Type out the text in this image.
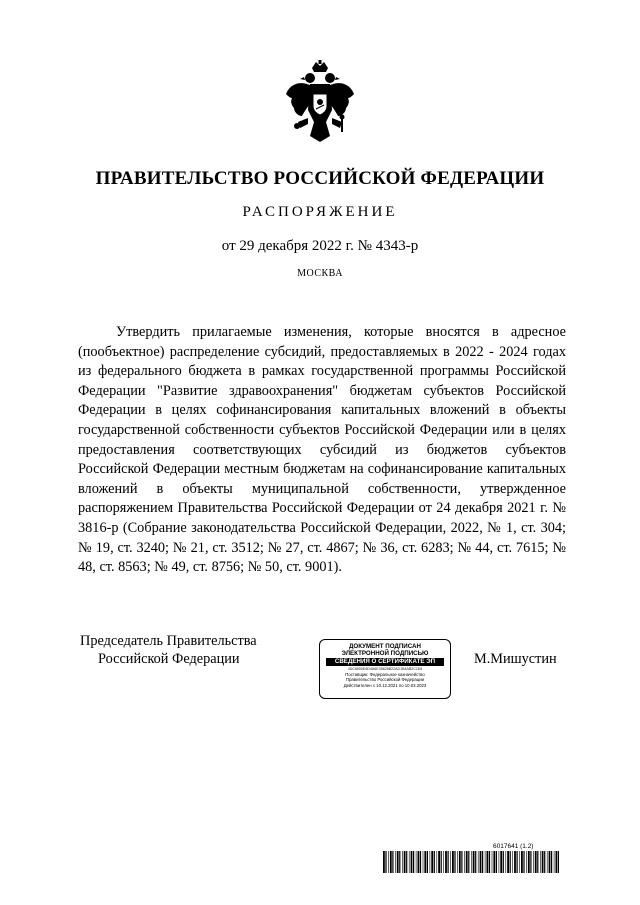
ПРАВИТЕЛЬСТВО РОССИЙСКОЙ ФЕДЕРАЦИИ
РАСПОРЯЖЕНИЕ
от 29 декабря 2022 г. № 4343-р
МОСКВА

Утвердить прилагаемые изменения, которые вносятся в адресное (пообъектное) распределение субсидий, предоставляемых в 2022 - 2024 годах из федерального бюджета в рамках государственной программы Российской Федерации "Развитие здравоохранения" бюджетам субъектов Российской Федерации в целях софинансирования капитальных вложений в объекты государственной собственности субъектов Российской Федерации или в целях предоставления соответствующих субсидий из бюджетов субъектов Российской Федерации местным бюджетам на софинансирование капитальных вложений в объекты муниципальной собственности, утвержденное распоряжением Правительства Российской Федерации от 24 декабря 2021 г. № 3816-р (Собрание законодательства Российской Федерации, 2022, № 1, ст. 304; № 19, ст. 3240; № 21, ст. 3512; № 27, ст. 4867; № 36, ст. 6283; № 44, ст. 7615; № 48, ст. 8563; № 49, ст. 8756; № 50, ст. 9001).

Председатель Правительства
Российской Федерации
ДОКУМЕНТ ПОДПИСАН
ЭЛЕКТРОННОЙ ПОДПИСЬЮ
СВЕДЕНИЯ О СЕРТИФИКАТЕ ЭП
4DC8650E6D4A6E35628B22AD1B4AB2C1E8
Поставщик: Федеральное казначейство
Правительство Российской Федерации
Действителен с 10.12.2021 по 10.03.2023
М.Мишустин
6017641 (1.2)
